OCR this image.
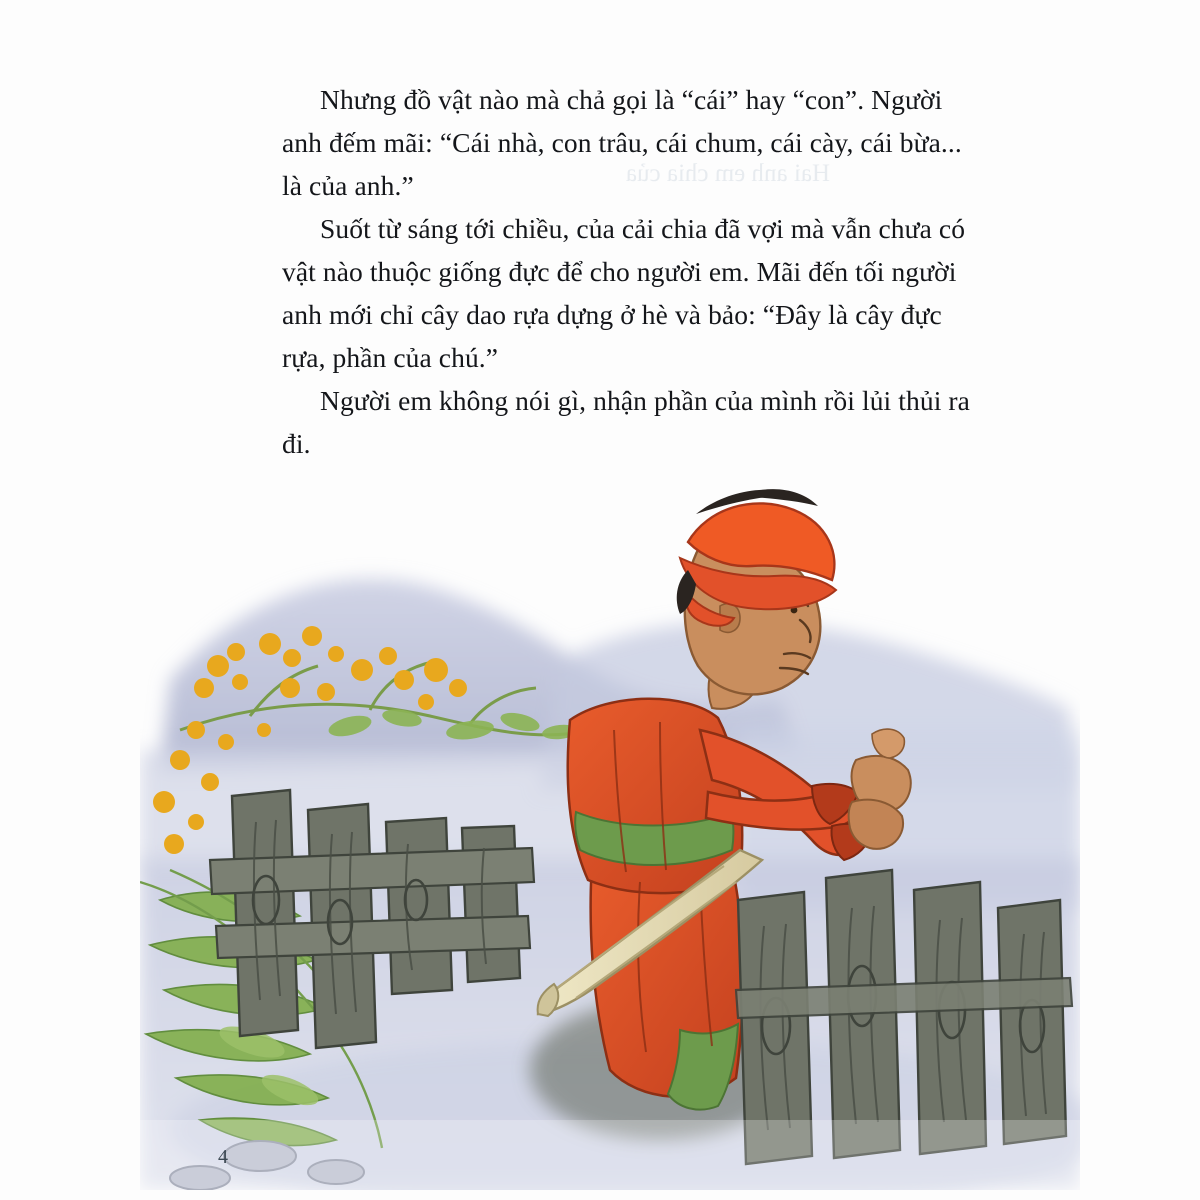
Hai anh em chia của

Nhưng đồ vật nào mà chả gọi là “cái” hay “con”. Người anh đếm mãi: “Cái nhà, con trâu, cái chum, cái cày, cái bừa... là của anh.”

Suốt từ sáng tới chiều, của cải chia đã vợi mà vẫn chưa có vật nào thuộc giống đực để cho người em. Mãi đến tối người anh mới chỉ cây dao rựa dựng ở hè và bảo: “Đây là cây đực rựa, phần của chú.”

Người em không nói gì, nhận phần của mình rồi lủi thủi ra đi.

4
